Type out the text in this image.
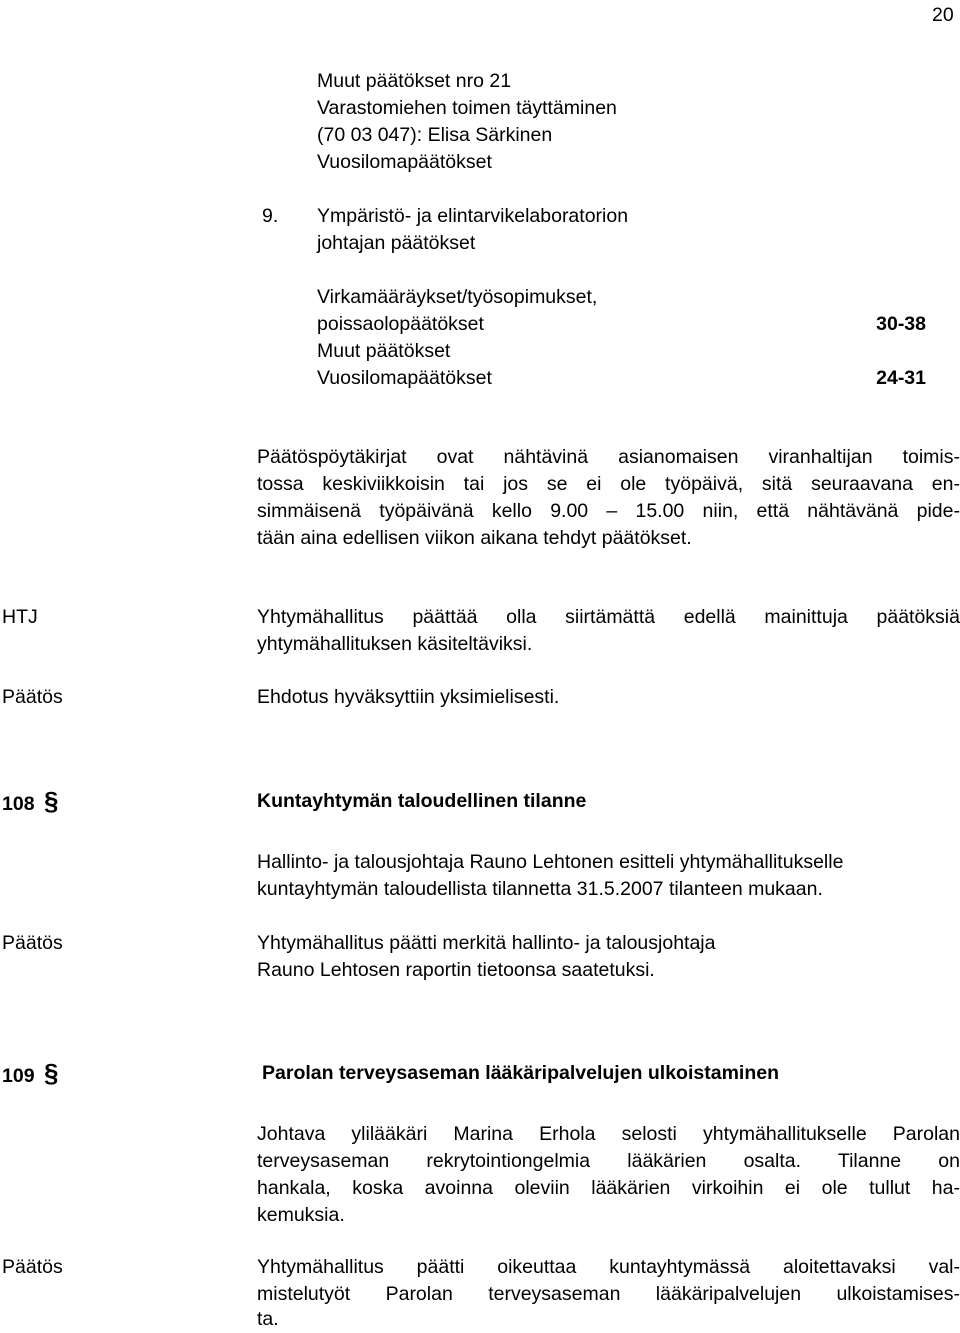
20
Muut päätökset nro 21
Varastomiehen toimen täyttäminen
(70 03 047): Elisa Särkinen
Vuosilomapäätökset
9. Ympäristö- ja elintarvikelaboratorion
johtajan päätökset
Virkamääräykset/työsopimukset,
poissaolopäätökset	30-38
Muut päätökset
Vuosilomapäätökset	24-31
Päätöspöytäkirjat ovat nähtävinä asianomaisen viranhaltijan toimis-
tossa keskiviikkoisin tai jos se ei ole työpäivä, sitä seuraavana en-
simmäisenä työpäivänä kello 9.00 – 15.00 niin, että nähtävänä pide-
tään aina edellisen viikon aikana tehdyt päätökset.
HTJ	Yhtymähallitus päättää olla siirtämättä edellä mainittuja päätöksiä
yhtymähallituksen käsiteltäviksi.
Päätös	Ehdotus hyväksyttiin yksimielisesti.
108 §	Kuntayhtymän taloudellinen tilanne
Hallinto- ja talousjohtaja Rauno Lehtonen esitteli yhtymähallitukselle
kuntayhtymän taloudellista tilannetta 31.5.2007 tilanteen mukaan.
Päätös	Yhtymähallitus päätti merkitä hallinto- ja talousjohtaja
Rauno Lehtosen raportin tietoonsa saatetuksi.
109 §	Parolan terveysaseman lääkäripalvelujen ulkoistaminen
Johtava ylilääkäri Marina Erhola selosti yhtymähallitukselle Parolan
terveysaseman rekrytointiongelmia lääkärien osalta. Tilanne on
hankala, koska avoinna oleviin lääkärien virkoihin ei ole tullut ha-
kemuksia.
Päätös	Yhtymähallitus päätti oikeuttaa kuntayhtymässä aloitettavaksi val-
mistelutyöt Parolan terveysaseman lääkäripalvelujen ulkoistamises-
ta.
